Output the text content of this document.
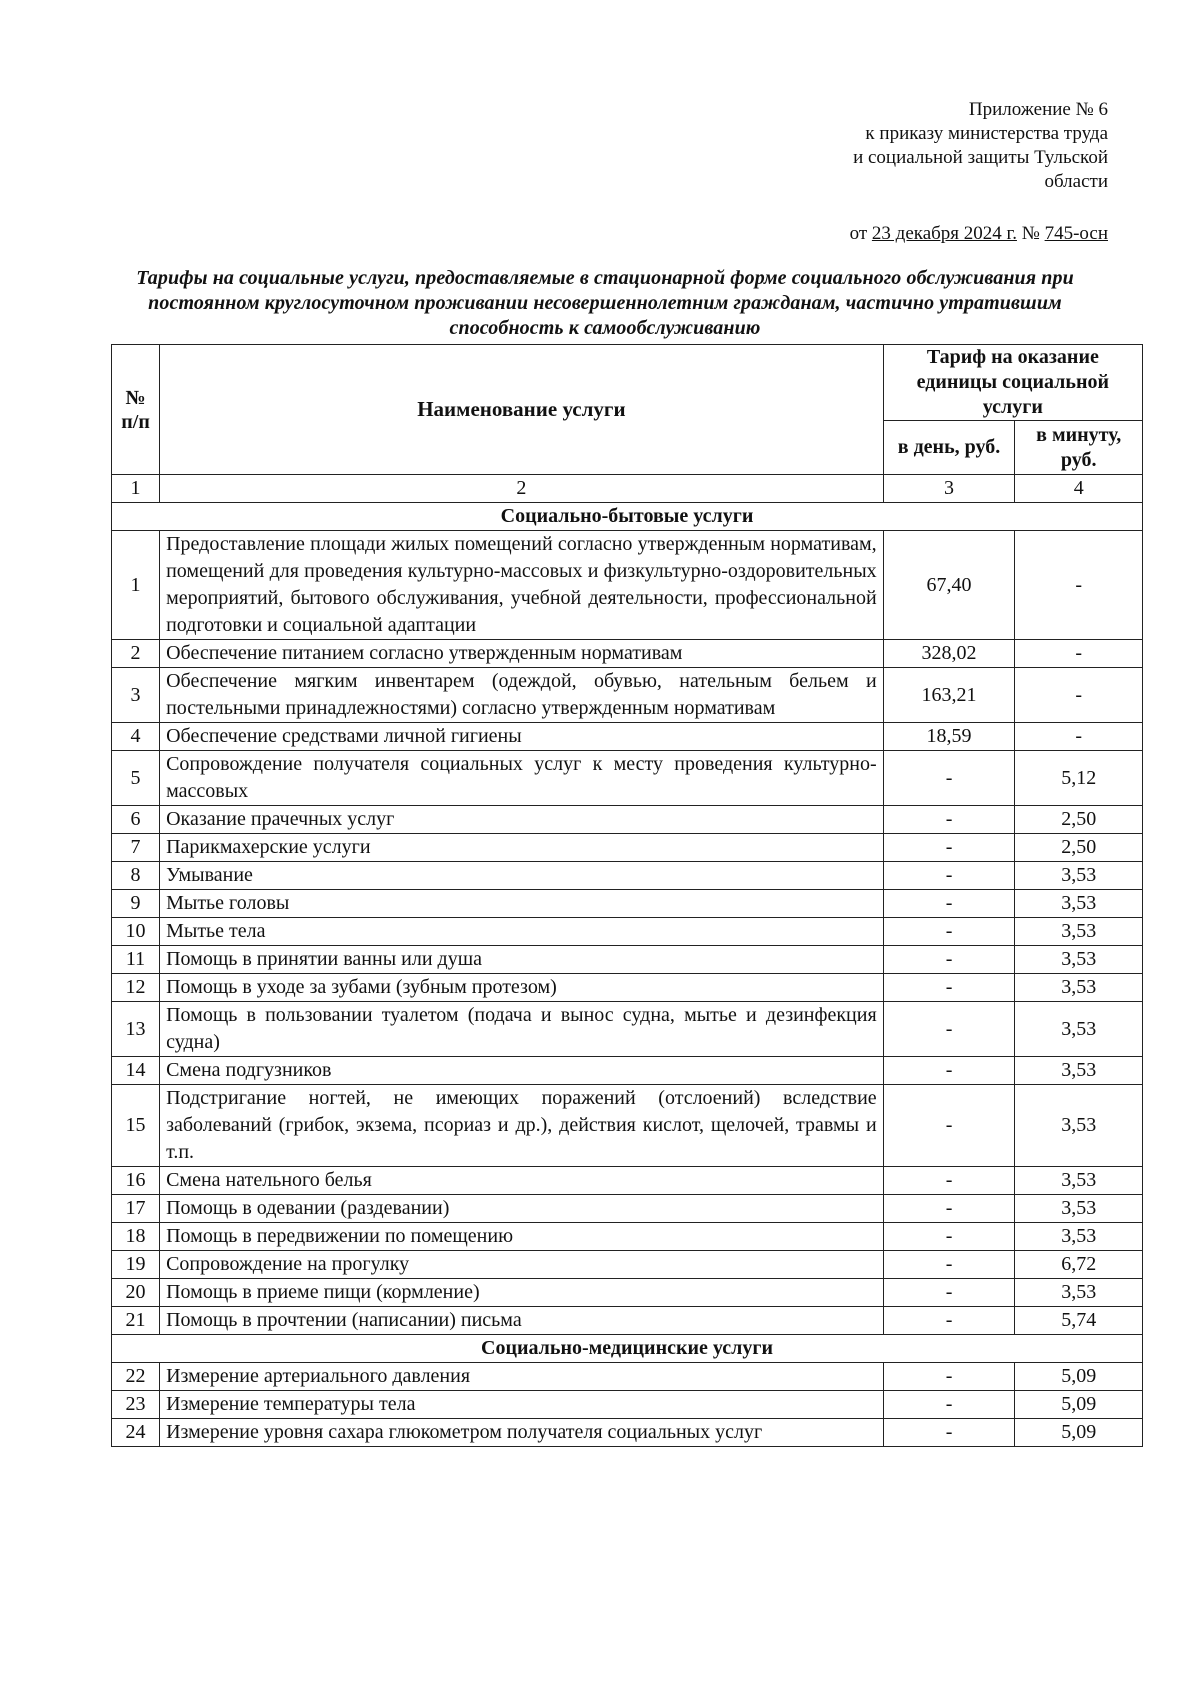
Приложение № 6
к приказу министерства труда
и социальной защиты Тульской
области
от 23 декабря 2024 г. № 745-осн
Тарифы на социальные услуги, предоставляемые в стационарной форме социального обслуживания при постоянном круглосуточном проживании несовершеннолетним гражданам, частично утратившим способность к самообслуживанию
№ п/п	Наименование услуги	Тариф на оказание единицы социальной услуги	
		в день, руб.	в минуту, руб.
1	2	3	4
Социально-бытовые услуги			
1	Предоставление площади жилых помещений согласно утвержденным нормативам, помещений для проведения культурно-массовых и физкультурно-оздоровительных мероприятий, бытового обслуживания, учебной деятельности, профессиональной подготовки и социальной адаптации	67,40	-
2	Обеспечение питанием согласно утвержденным нормативам	328,02	-
3	Обеспечение мягким инвентарем (одеждой, обувью, нательным бельем и постельными принадлежностями) согласно утвержденным нормативам	163,21	-
4	Обеспечение средствами личной гигиены	18,59	-
5	Сопровождение получателя социальных услуг к месту проведения культурно-массовых	-	5,12
6	Оказание прачечных услуг	-	2,50
7	Парикмахерские услуги	-	2,50
8	Умывание	-	3,53
9	Мытье головы	-	3,53
10	Мытье тела	-	3,53
11	Помощь в принятии ванны или душа	-	3,53
12	Помощь в уходе за зубами (зубным протезом)	-	3,53
13	Помощь в пользовании туалетом (подача и вынос судна, мытье и дезинфекция судна)	-	3,53
14	Смена подгузников	-	3,53
15	Подстригание ногтей, не имеющих поражений (отслоений) вследствие заболеваний (грибок, экзема, псориаз и др.), действия кислот, щелочей, травмы и т.п.	-	3,53
16	Смена нательного белья	-	3,53
17	Помощь в одевании (раздевании)	-	3,53
18	Помощь в передвижении по помещению	-	3,53
19	Сопровождение на прогулку	-	6,72
20	Помощь в приеме пищи (кормление)	-	3,53
21	Помощь в прочтении (написании) письма	-	5,74
Социально-медицинские услуги			
22	Измерение артериального давления	-	5,09
23	Измерение температуры тела	-	5,09
24	Измерение уровня сахара глюкометром получателя социальных услуг	-	5,09
